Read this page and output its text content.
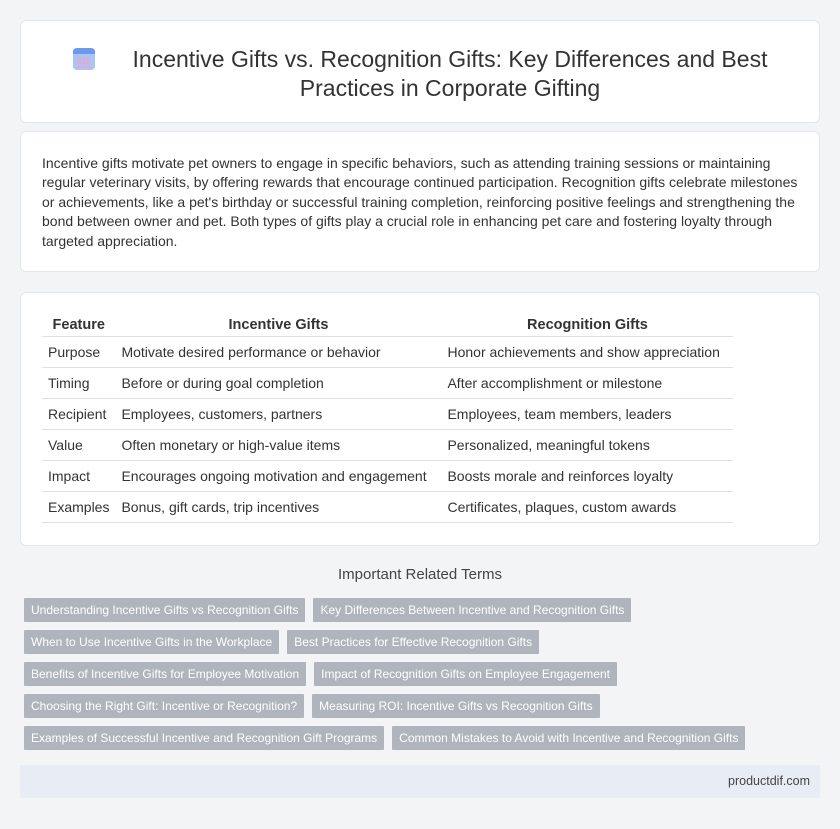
Incentive Gifts vs. Recognition Gifts: Key Differences and Best Practices in Corporate Gifting

Incentive gifts motivate pet owners to engage in specific behaviors, such as attending training sessions or maintaining regular veterinary visits, by offering rewards that encourage continued participation. Recognition gifts celebrate milestones or achievements, like a pet's birthday or successful training completion, reinforcing positive feelings and strengthening the bond between owner and pet. Both types of gifts play a crucial role in enhancing pet care and fostering loyalty through targeted appreciation.

Feature	Incentive Gifts	Recognition Gifts
Purpose	Motivate desired performance or behavior	Honor achievements and show appreciation
Timing	Before or during goal completion	After accomplishment or milestone
Recipient	Employees, customers, partners	Employees, team members, leaders
Value	Often monetary or high-value items	Personalized, meaningful tokens
Impact	Encourages ongoing motivation and engagement	Boosts morale and reinforces loyalty
Examples	Bonus, gift cards, trip incentives	Certificates, plaques, custom awards
Important Related Terms
Understanding Incentive Gifts vs Recognition Gifts	Key Differences Between Incentive and Recognition Gifts
When to Use Incentive Gifts in the Workplace	Best Practices for Effective Recognition Gifts
Benefits of Incentive Gifts for Employee Motivation	Impact of Recognition Gifts on Employee Engagement
Choosing the Right Gift: Incentive or Recognition?	Measuring ROI: Incentive Gifts vs Recognition Gifts
Examples of Successful Incentive and Recognition Gift Programs	Common Mistakes to Avoid with Incentive and Recognition Gifts
productdif.com
